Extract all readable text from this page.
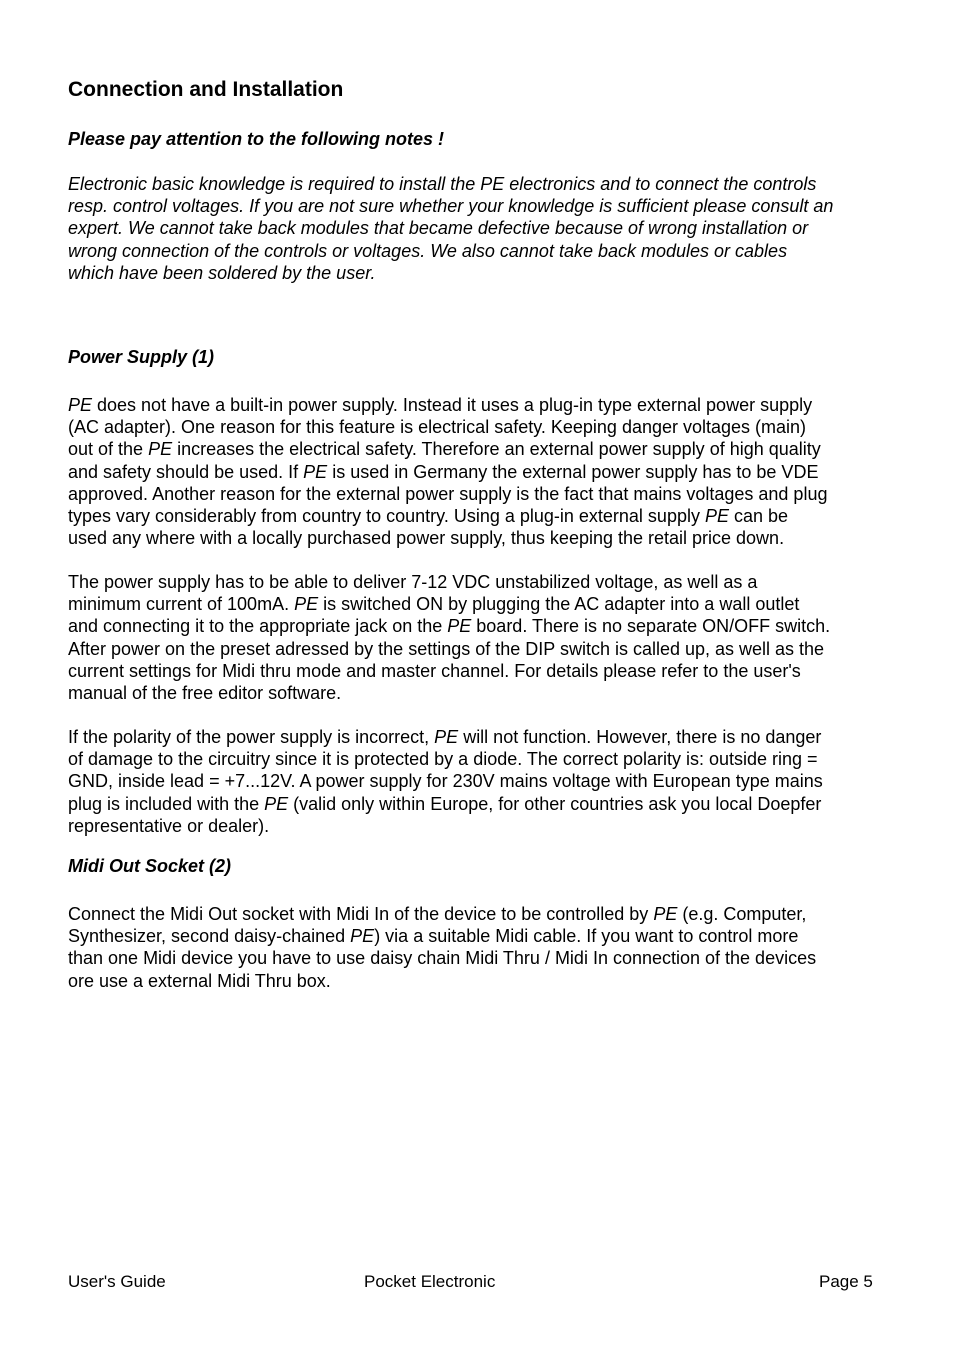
Connection and Installation

Please pay attention to the following notes !

Electronic basic knowledge is required to install the PE electronics and to connect the controls
resp. control voltages. If you are not sure whether your knowledge is sufficient please consult an
expert. We cannot take back modules that became defective because of wrong installation or
wrong connection of the controls or voltages. We also cannot take back modules or cables
which have been soldered by the user.

Power Supply (1)

PE does not have a built-in power supply. Instead it uses a plug-in type external power supply
(AC adapter). One reason for this feature is electrical safety. Keeping danger voltages (main)
out of the PE increases the electrical safety. Therefore an external power supply of high quality
and safety should be used. If PE is used in Germany the external power supply has to be VDE
approved. Another reason for the external power supply is the fact that mains voltages and plug
types vary considerably from country to country. Using a plug-in external supply PE can be
used any where with a locally purchased power supply, thus keeping the retail price down.

The power supply has to be able to deliver 7-12 VDC unstabilized voltage, as well as a
minimum current of 100mA. PE is switched ON by plugging the AC adapter into a wall outlet
and connecting it to the appropriate jack on the PE board. There is no separate ON/OFF switch.
After power on the preset adressed by the settings of the DIP switch is called up, as well as the
current settings for Midi thru mode and master channel. For details please refer to the user's
manual of the free editor software.

If the polarity of the power supply is incorrect, PE will not function. However, there is no danger
of damage to the circuitry since it is protected by a diode. The correct polarity is: outside ring =
GND, inside lead = +7...12V. A power supply for 230V mains voltage with European type mains
plug is included with the PE (valid only within Europe, for other countries ask you local Doepfer
representative or dealer).

Midi Out Socket (2)

Connect the Midi Out socket with Midi In of the device to be controlled by PE (e.g. Computer,
Synthesizer, second daisy-chained PE) via a suitable Midi cable. If you want to control more
than one Midi device you have to use daisy chain Midi Thru / Midi In connection of the devices
ore use a external Midi Thru box.

User's Guide	Pocket Electronic	Page 5
